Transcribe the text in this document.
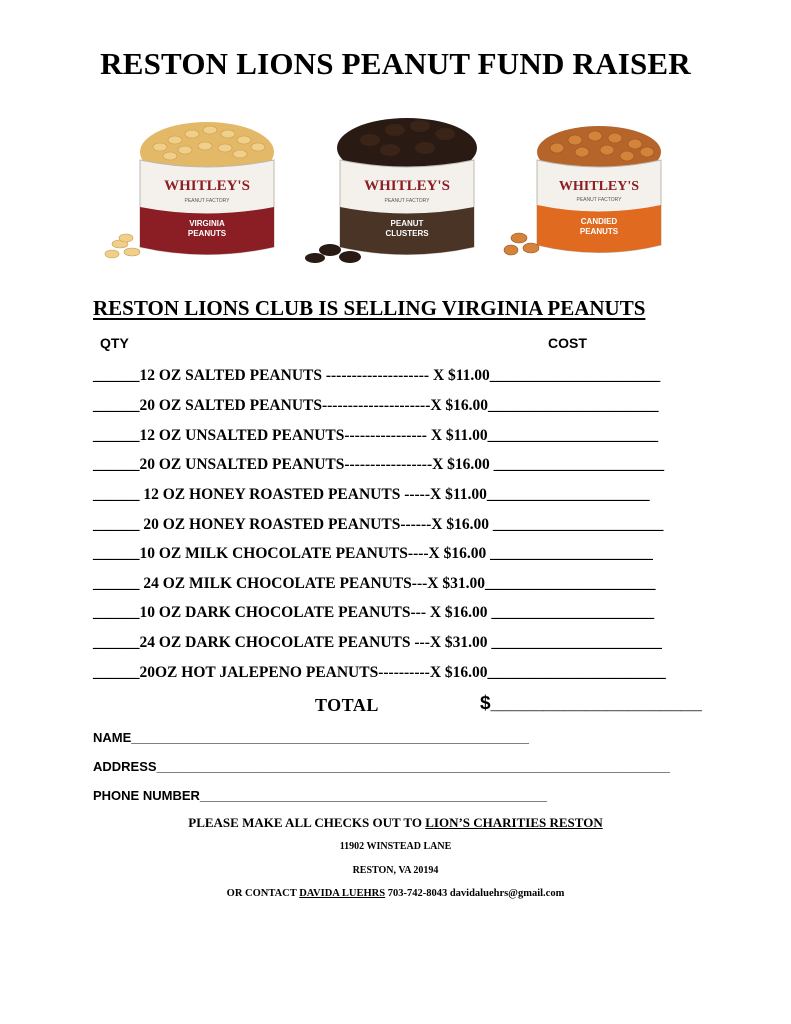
RESTON LIONS PEANUT FUND RAISER
WHITLEY'S
PEANUT FACTORY
VIRGINIA
PEANUTS
WHITLEY'S
PEANUT FACTORY
PEANUT
CLUSTERS
WHITLEY'S
PEANUT FACTORY
CANDIED
PEANUTS
RESTON LIONS CLUB IS SELLING VIRGINIA PEANUTS
QTY	COST
______12 OZ SALTED PEANUTS -------------------- X $11.00______________________
______20 OZ SALTED PEANUTS---------------------X $16.00______________________
______12 OZ UNSALTED PEANUTS---------------- X $11.00______________________
______20 OZ UNSALTED PEANUTS-----------------X $16.00 ______________________
______ 12 OZ HONEY ROASTED PEANUTS -----X $11.00_____________________
______ 20 OZ HONEY ROASTED PEANUTS------X $16.00 ______________________
______10 OZ MILK CHOCOLATE PEANUTS----X $16.00 _____________________
______ 24 OZ MILK CHOCOLATE PEANUTS---X $31.00______________________
______10 OZ DARK CHOCOLATE PEANUTS--- X $16.00 _____________________
______24 OZ DARK CHOCOLATE PEANUTS ---X $31.00 ______________________
______20OZ HOT JALEPENO PEANUTS----------X $16.00_______________________
TOTAL	$____________________
NAME_______________________________________________________
ADDRESS_______________________________________________________________________
PHONE NUMBER________________________________________________
PLEASE MAKE ALL CHECKS OUT TO LION’S CHARITIES RESTON
11902 WINSTEAD LANE
RESTON, VA 20194
OR CONTACT DAVIDA LUEHRS 703-742-8043 davidaluehrs@gmail.com
